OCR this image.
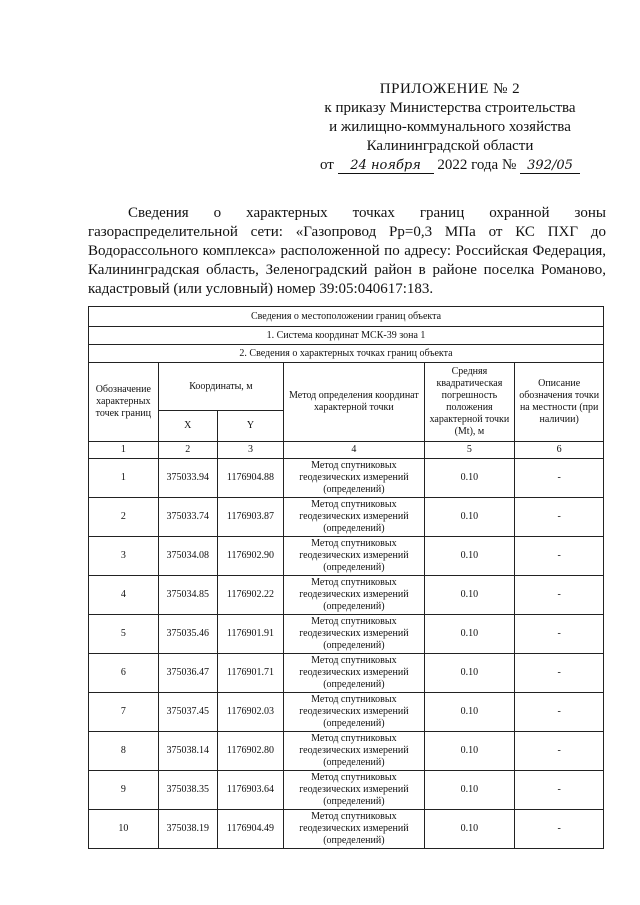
ПРИЛОЖЕНИЕ № 2
к приказу Министерства строительства
и жилищно-коммунального хозяйства
Калининградской области
от 24 ноября 2022 года № 392/05
Сведения о характерных точках границ охранной зоны газораспределительной сети: «Газопровод Рр=0,3 МПа от КС ПХГ до Водорассольного комплекса» расположенной по адресу: Российская Федерация, Калининградская область, Зеленоградский район в районе поселка Романово, кадастровый (или условный) номер 39:05:040617:183.
Сведения о местоположении границ объекта					
1. Система координат МСК-39 зона 1					
2. Сведения о характерных точках границ объекта					
Обозначение характерных точек границ	Координаты, м		Метод определения координат характерной точки	Средняя квадратическая погрешность положения характерной точки (Mt), м	Описание обозначения точки на местности (при наличии)
	X	Y			
1	2	3	4	5	6
1	375033.94	1176904.88	Метод спутниковых геодезических измерений (определений)	0.10	-
2	375033.74	1176903.87	Метод спутниковых геодезических измерений (определений)	0.10	-
3	375034.08	1176902.90	Метод спутниковых геодезических измерений (определений)	0.10	-
4	375034.85	1176902.22	Метод спутниковых геодезических измерений (определений)	0.10	-
5	375035.46	1176901.91	Метод спутниковых геодезических измерений (определений)	0.10	-
6	375036.47	1176901.71	Метод спутниковых геодезических измерений (определений)	0.10	-
7	375037.45	1176902.03	Метод спутниковых геодезических измерений (определений)	0.10	-
8	375038.14	1176902.80	Метод спутниковых геодезических измерений (определений)	0.10	-
9	375038.35	1176903.64	Метод спутниковых геодезических измерений (определений)	0.10	-
10	375038.19	1176904.49	Метод спутниковых геодезических измерений (определений)	0.10	-
